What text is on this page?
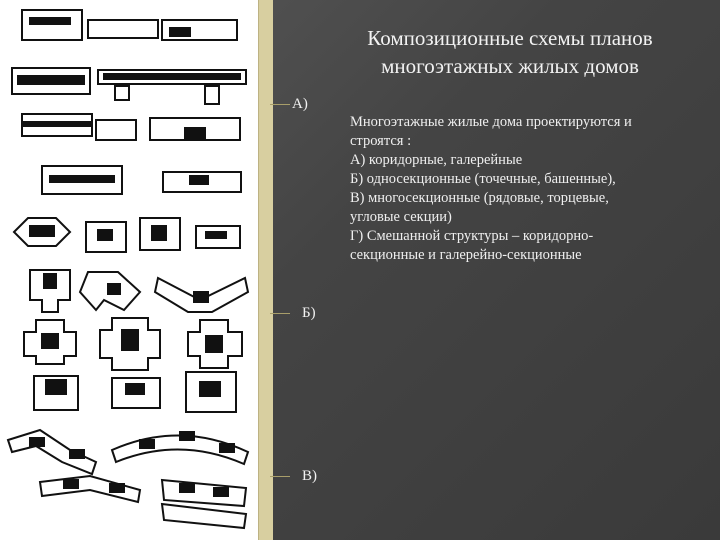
А)
Б)
В)
Композиционные схемы планов
многоэтажных жилых домов
Многоэтажные жилые дома проектируются и
строятся :
А) коридорные, галерейные
Б) односекционные (точечные, башенные),
В) многосекционные (рядовые, торцевые,
угловые секции)
Г) Смешанной структуры – коридорно-
секционные и галерейно-секционные
